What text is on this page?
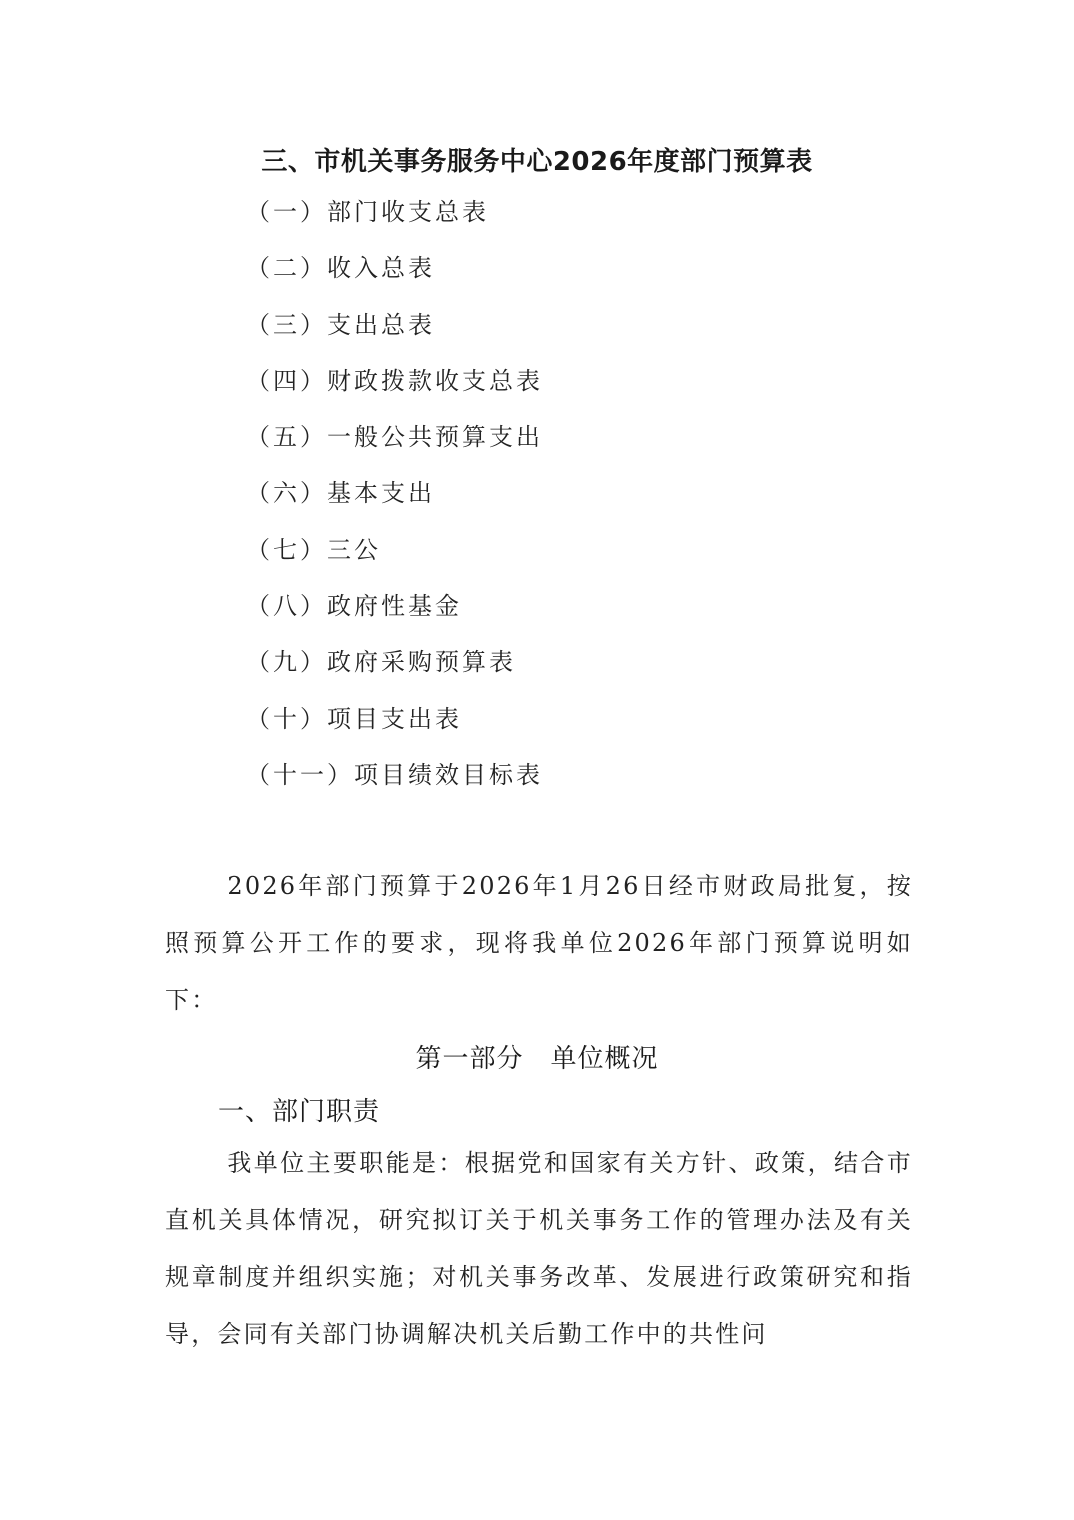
三、市机关事务服务中心2026年度部门预算表
（一）部门收支总表
（二）收入总表
（三）支出总表
（四）财政拨款收支总表
（五）一般公共预算支出
（六）基本支出
（七）三公
（八）政府性基金
（九）政府采购预算表
（十）项目支出表
（十一）项目绩效目标表

2026年部门预算于2026年1月26日经市财政局批复，按照预算公开工作的要求，现将我单位2026年部门预算说明如下：

第一部分　单位概况
一、部门职责

我单位主要职能是：根据党和国家有关方针、政策，结合市直机关具体情况，研究拟订关于机关事务工作的管理办法及有关规章制度并组织实施；对机关事务改革、发展进行政策研究和指导，会同有关部门协调解决机关后勤工作中的共性问
